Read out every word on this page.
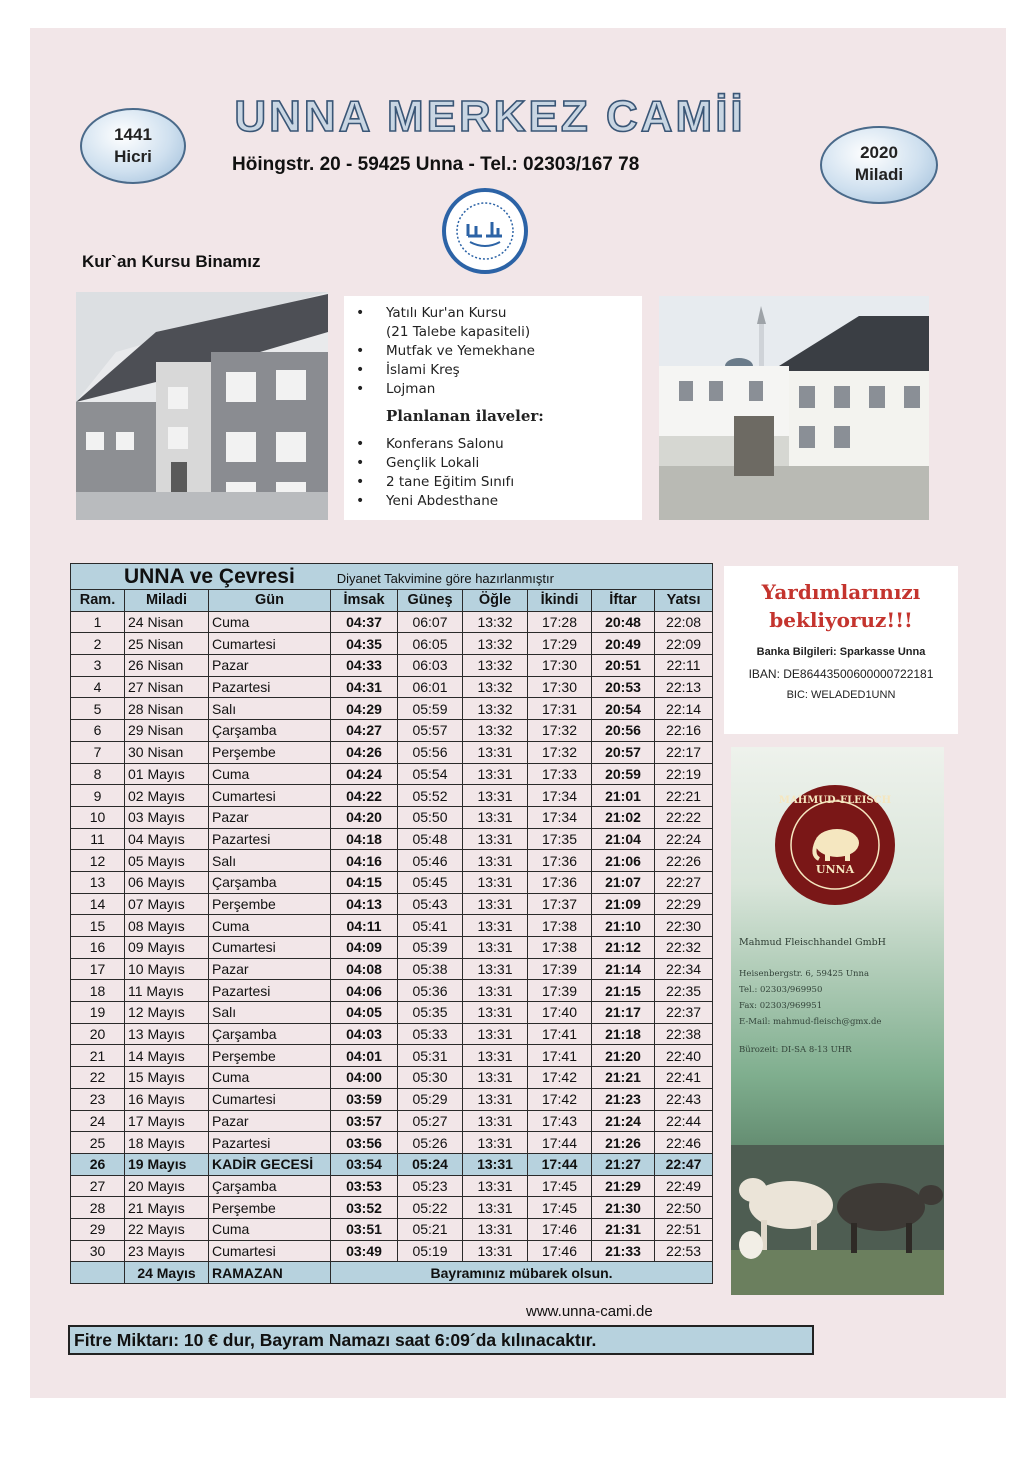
1441
Hicri	2020
Miladi
UNNA MERKEZ CAMİİ
Höingstr. 20 - 59425 Unna - Tel.: 02303/167 78
Kur`an Kursu Binamız
• Yatılı Kur'an Kursu
(21 Talebe kapasiteli)
• Mutfak ve Yemekhane
• İslami Kreş
• Lojman
Planlanan ilaveler:
• Konferans Salonu
• Gençlik Lokali
• 2 tane Eğitim Sınıfı
• Yeni Abdesthane
UNNA ve Çevresi Diyanet Takvimine göre hazırlanmıştır								
Ram.	Miladi	Gün	İmsak	Güneş	Öğle	İkindi	İftar	Yatsı
1	24 Nisan	Cuma	04:37	06:07	13:32	17:28	20:48	22:08
2	25 Nisan	Cumartesi	04:35	06:05	13:32	17:29	20:49	22:09
3	26 Nisan	Pazar	04:33	06:03	13:32	17:30	20:51	22:11
4	27 Nisan	Pazartesi	04:31	06:01	13:32	17:30	20:53	22:13
5	28 Nisan	Salı	04:29	05:59	13:32	17:31	20:54	22:14
6	29 Nisan	Çarşamba	04:27	05:57	13:32	17:32	20:56	22:16
7	30 Nisan	Perşembe	04:26	05:56	13:31	17:32	20:57	22:17
8	01 Mayıs	Cuma	04:24	05:54	13:31	17:33	20:59	22:19
9	02 Mayıs	Cumartesi	04:22	05:52	13:31	17:34	21:01	22:21
10	03 Mayıs	Pazar	04:20	05:50	13:31	17:34	21:02	22:22
11	04 Mayıs	Pazartesi	04:18	05:48	13:31	17:35	21:04	22:24
12	05 Mayıs	Salı	04:16	05:46	13:31	17:36	21:06	22:26
13	06 Mayıs	Çarşamba	04:15	05:45	13:31	17:36	21:07	22:27
14	07 Mayıs	Perşembe	04:13	05:43	13:31	17:37	21:09	22:29
15	08 Mayıs	Cuma	04:11	05:41	13:31	17:38	21:10	22:30
16	09 Mayıs	Cumartesi	04:09	05:39	13:31	17:38	21:12	22:32
17	10 Mayıs	Pazar	04:08	05:38	13:31	17:39	21:14	22:34
18	11 Mayıs	Pazartesi	04:06	05:36	13:31	17:39	21:15	22:35
19	12 Mayıs	Salı	04:05	05:35	13:31	17:40	21:17	22:37
20	13 Mayıs	Çarşamba	04:03	05:33	13:31	17:41	21:18	22:38
21	14 Mayıs	Perşembe	04:01	05:31	13:31	17:41	21:20	22:40
22	15 Mayıs	Cuma	04:00	05:30	13:31	17:42	21:21	22:41
23	16 Mayıs	Cumartesi	03:59	05:29	13:31	17:42	21:23	22:43
24	17 Mayıs	Pazar	03:57	05:27	13:31	17:43	21:24	22:44
25	18 Mayıs	Pazartesi	03:56	05:26	13:31	17:44	21:26	22:46
26	19 Mayıs	KADİR GECESİ	03:54	05:24	13:31	17:44	21:27	22:47
27	20 Mayıs	Çarşamba	03:53	05:23	13:31	17:45	21:29	22:49
28	21 Mayıs	Perşembe	03:52	05:22	13:31	17:45	21:30	22:50
29	22 Mayıs	Cuma	03:51	05:21	13:31	17:46	21:31	22:51
30	23 Mayıs	Cumartesi	03:49	05:19	13:31	17:46	21:33	22:53
	24 Mayıs	RAMAZAN	Bayramınız mübarek olsun.					
Yardımlarınızı
bekliyoruz!!!
Banka Bilgileri: Sparkasse Unna
IBAN: DE86443500600000722181
BIC: WELADED1UNN
MAHMUD-FLEISCH
UNNA
Mahmud Fleischhandel GmbH
Heisenbergstr. 6, 59425 Unna
Tel.: 02303/969950
Fax: 02303/969951
E-Mail: mahmud-fleisch@gmx.de
Bürozeit: DI-SA 8-13 UHR
www.unna-cami.de
Fitre Miktarı: 10 € dur, Bayram Namazı saat 6:09´da kılınacaktır.
